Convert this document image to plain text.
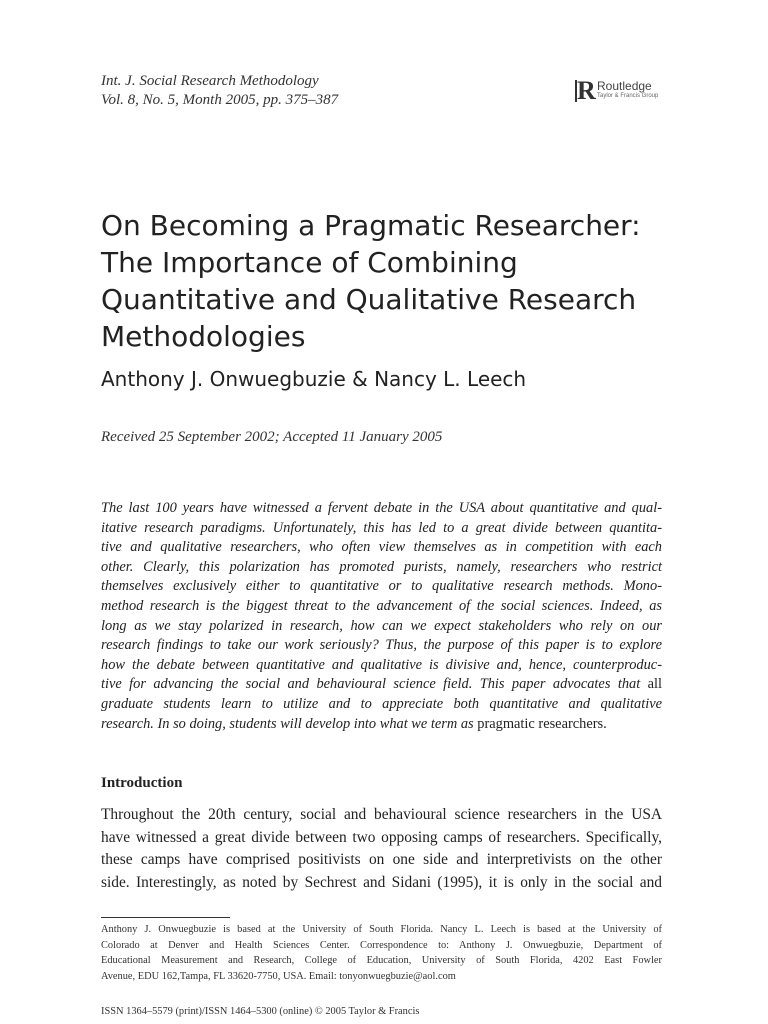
Int. J. Social Research Methodology
Vol. 8, No. 5, Month 2005, pp. 375–387	R Routledge
Taylor & Francis Group
On Becoming a Pragmatic Researcher:
The Importance of Combining
Quantitative and Qualitative Research
Methodologies
Anthony J. Onwuegbuzie & Nancy L. Leech
Received 25 September 2002; Accepted 11 January 2005
The last 100 years have witnessed a fervent debate in the USA about quantitative and qual-
itative research paradigms. Unfortunately, this has led to a great divide between quantita-
tive and qualitative researchers, who often view themselves as in competition with each
other. Clearly, this polarization has promoted purists, namely, researchers who restrict
themselves exclusively either to quantitative or to qualitative research methods. Mono-
method research is the biggest threat to the advancement of the social sciences. Indeed, as
long as we stay polarized in research, how can we expect stakeholders who rely on our
research findings to take our work seriously? Thus, the purpose of this paper is to explore
how the debate between quantitative and qualitative is divisive and, hence, counterproduc-
tive for advancing the social and behavioural science field. This paper advocates that all
graduate students learn to utilize and to appreciate both quantitative and qualitative
research. In so doing, students will develop into what we term as pragmatic researchers.
Introduction
Throughout the 20th century, social and behavioural science researchers in the USA
have witnessed a great divide between two opposing camps of researchers. Specifically,
these camps have comprised positivists on one side and interpretivists on the other
side. Interestingly, as noted by Sechrest and Sidani (1995), it is only in the social and
Anthony J. Onwuegbuzie is based at the University of South Florida. Nancy L. Leech is based at the University of
Colorado at Denver and Health Sciences Center. Correspondence to: Anthony J. Onwuegbuzie, Department of
Educational Measurement and Research, College of Education, University of South Florida, 4202 East Fowler
Avenue, EDU 162,Tampa, FL 33620-7750, USA. Email: tonyonwuegbuzie@aol.com
ISSN 1364–5579 (print)/ISSN 1464–5300 (online) © 2005 Taylor & Francis
